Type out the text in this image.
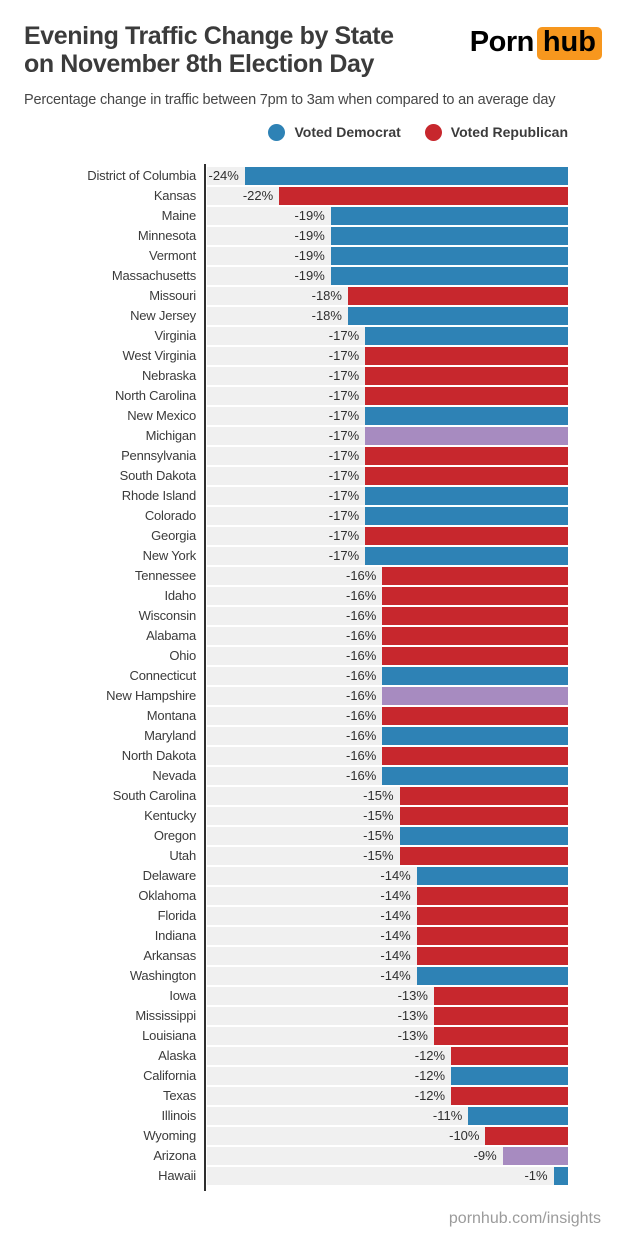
Evening Traffic Change by State
on November 8th Election Day
Porn hub
Percentage change in traffic between 7pm to 3am when compared to an average day
Voted Democrat	Voted Republican
District of Columbia -24%
Kansas	-22%
Maine	-19%
Minnesota	-19%
Vermont	-19%
Massachusetts	-19%
Missouri	-18%
New Jersey	-18%
Virginia	-17%
West Virginia	-17%
Nebraska	-17%
North Carolina	-17%
New Mexico	-17%
Michigan	-17%
Pennsylvania	-17%
South Dakota	-17%
Rhode Island	-17%
Colorado	-17%
Georgia	-17%
New York	-17%
Tennessee	-16%
Idaho	-16%
Wisconsin	-16%
Alabama	-16%
Ohio	-16%
Connecticut	-16%
New Hampshire	-16%
Montana	-16%
Maryland	-16%
North Dakota	-16%
Nevada	-16%
South Carolina	-15%
Kentucky	-15%
Oregon	-15%
Utah	-15%
Delaware	-14%
Oklahoma	-14%
Florida	-14%
Indiana	-14%
Arkansas	-14%
Washington	-14%
Iowa	-13%
Mississippi	-13%
Louisiana	-13%
Alaska	-12%
California	-12%
Texas	-12%
Illinois	-11%
Wyoming	-10%
Arizona	-9%
Hawaii	-1%
pornhub.com/insights
